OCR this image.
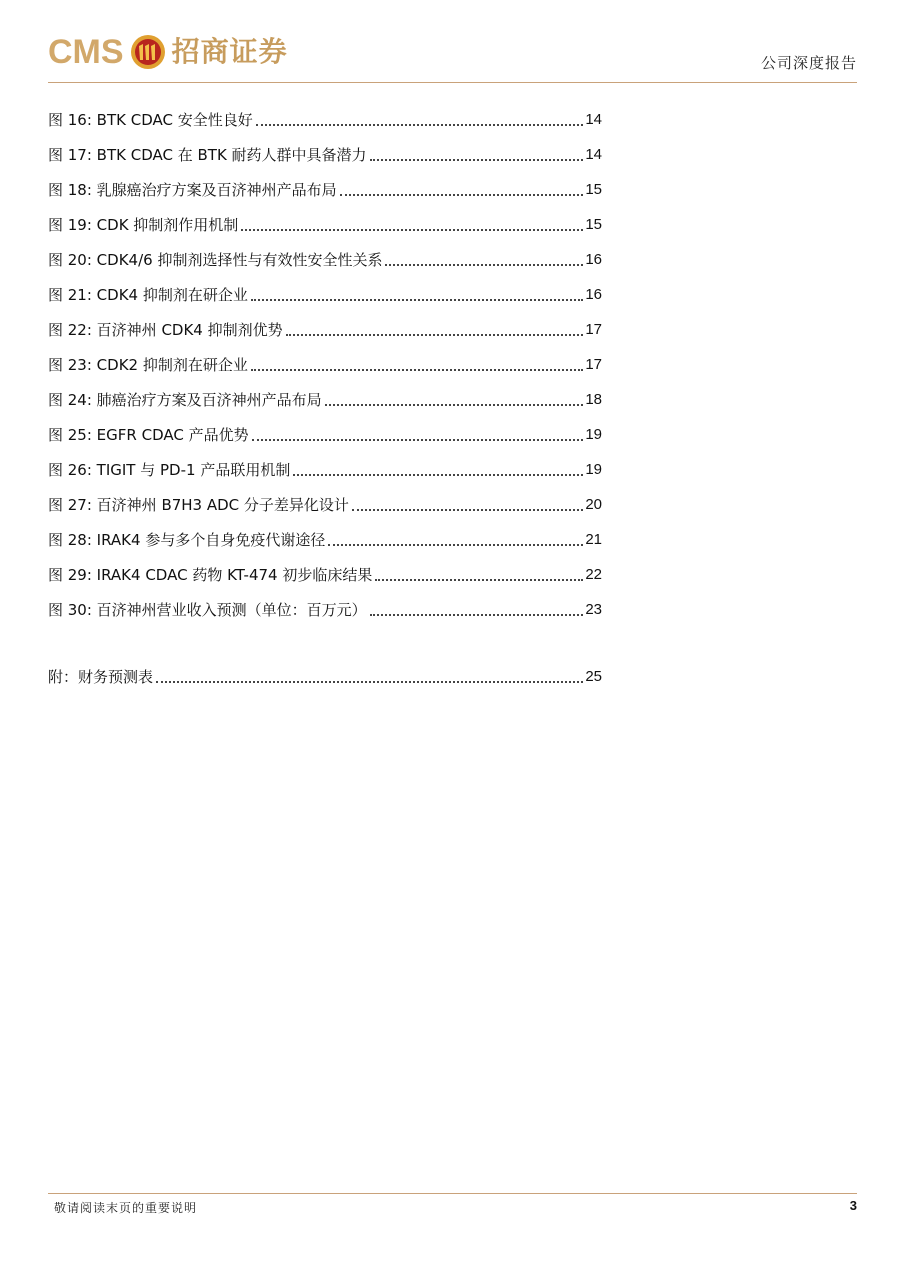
CMS 招商证券	公司深度报告
图 16: BTK CDAC 安全性良好	14
图 17: BTK CDAC 在 BTK 耐药人群中具备潜力	14
图 18: 乳腺癌治疗方案及百济神州产品布局	15
图 19: CDK 抑制剂作用机制	15
图 20: CDK4/6 抑制剂选择性与有效性安全性关系	16
图 21: CDK4 抑制剂在研企业	16
图 22: 百济神州 CDK4 抑制剂优势	17
图 23: CDK2 抑制剂在研企业	17
图 24: 肺癌治疗方案及百济神州产品布局	18
图 25: EGFR CDAC 产品优势	19
图 26: TIGIT 与 PD-1 产品联用机制	19
图 27: 百济神州 B7H3 ADC 分子差异化设计	20
图 28: IRAK4 参与多个自身免疫代谢途径	21
图 29: IRAK4 CDAC 药物 KT-474 初步临床结果	22
图 30: 百济神州营业收入预测（单位：百万元）	23
附：财务预测表	25
敬请阅读末页的重要说明	3
